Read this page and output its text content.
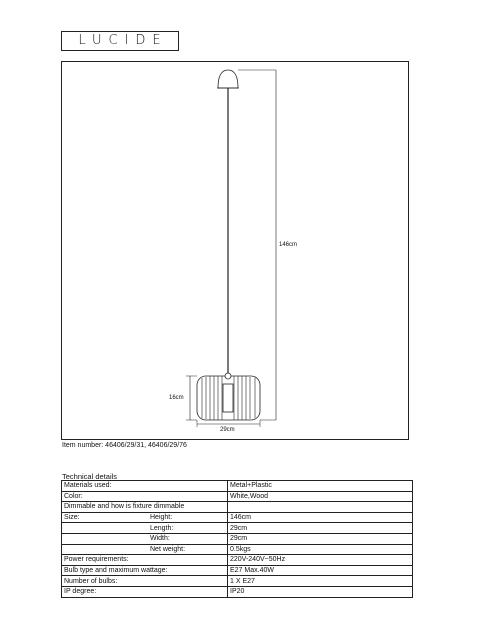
LUCIDE
146cm
16cm
29cm
Item number: 46406/29/31, 46406/29/76
Technical details
Materials used:	Metal+Plastic
Color:	White,Wood
Dimmable and how is fixture dimmable	
Size: Height:	146cm
Length:	29cm
Width:	29cm
Net weight:	0.5kgs
Power requirements:	220V-240V~50Hz
Bulb type and maximum wattage:	E27 Max.40W
Number of bulbs:	1 X E27
IP degree:	IP20
